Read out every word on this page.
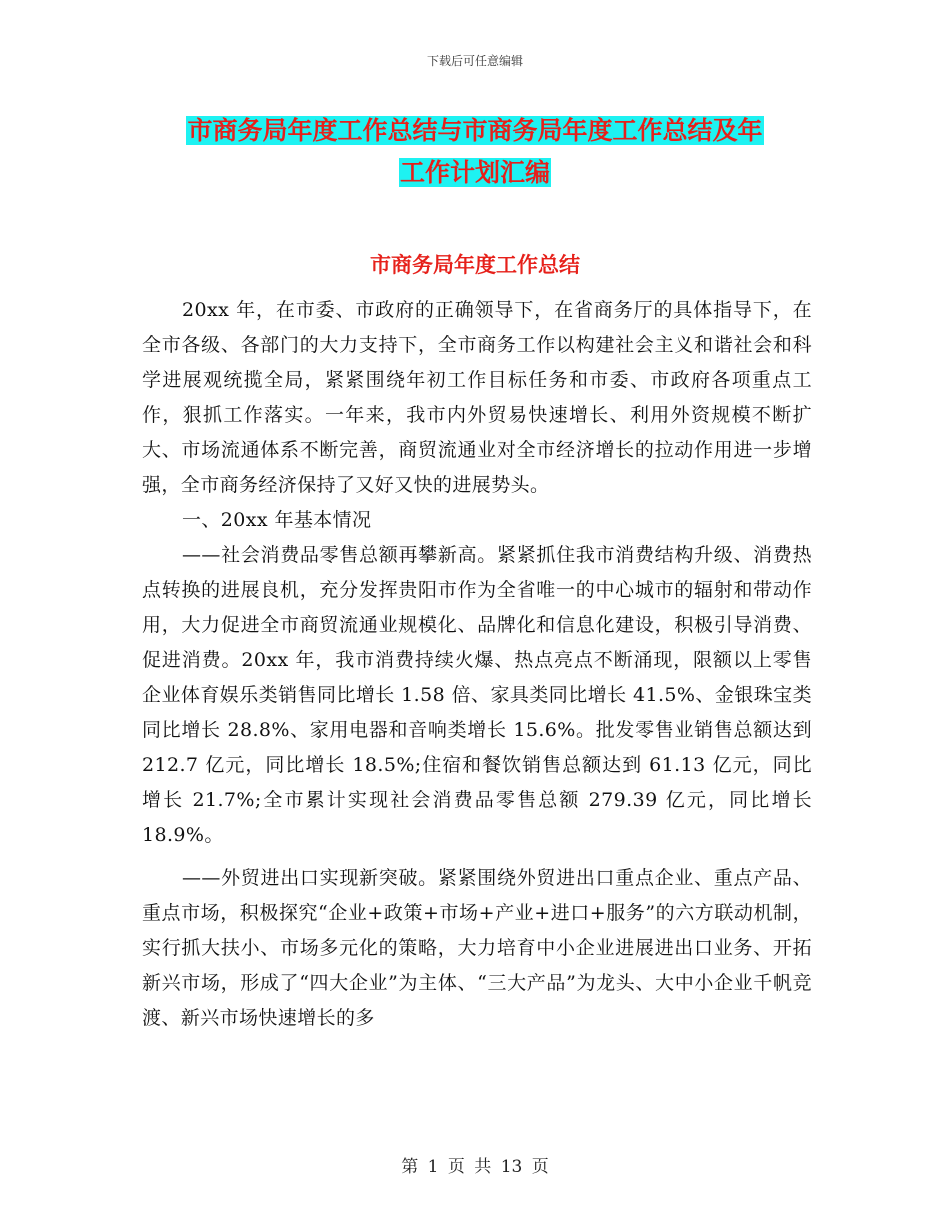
下载后可任意编辑
市商务局年度工作总结与市商务局年度工作总结及年
工作计划汇编
市商务局年度工作总结

20xx 年，在市委、市政府的正确领导下，在省商务厅的具体指导下，在全市各级、各部门的大力支持下，全市商务工作以构建社会主义和谐社会和科学进展观统揽全局，紧紧围绕年初工作目标任务和市委、市政府各项重点工作，狠抓工作落实。一年来，我市内外贸易快速增长、利用外资规模不断扩大、市场流通体系不断完善，商贸流通业对全市经济增长的拉动作用进一步增强，全市商务经济保持了又好又快的进展势头。

一、20xx 年基本情况

——社会消费品零售总额再攀新高。紧紧抓住我市消费结构升级、消费热点转换的进展良机，充分发挥贵阳市作为全省唯一的中心城市的辐射和带动作用，大力促进全市商贸流通业规模化、品牌化和信息化建设，积极引导消费、促进消费。20xx 年，我市消费持续火爆、热点亮点不断涌现，限额以上零售企业体育娱乐类销售同比增长 1.58 倍、家具类同比增长 41.5%、金银珠宝类同比增长 28.8%、家用电器和音响类增长 15.6%。批发零售业销售总额达到 212.7 亿元，同比增长 18.5%;住宿和餐饮销售总额达到 61.13 亿元，同比增长 21.7%;全市累计实现社会消费品零售总额 279.39 亿元，同比增长 18.9%。

——外贸进出口实现新突破。紧紧围绕外贸进出口重点企业、重点产品、重点市场，积极探究“企业+政策+市场+产业+进口+服务”的六方联动机制，实行抓大扶小、市场多元化的策略，大力培育中小企业进展进出口业务、开拓新兴市场，形成了“四大企业”为主体、“三大产品”为龙头、大中小企业千帆竞渡、新兴市场快速增长的多

第 1 页 共 13 页
